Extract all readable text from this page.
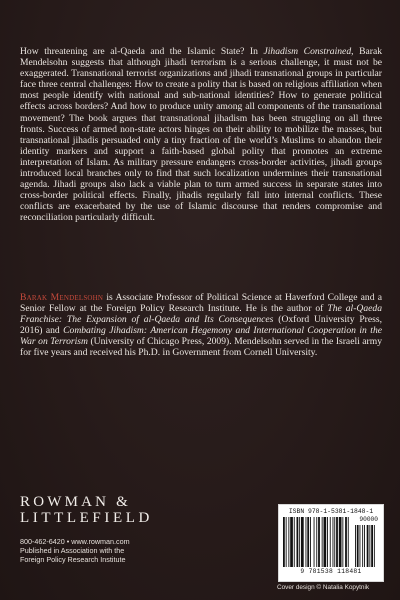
How threatening are al-Qaeda and the Islamic State? In Jihadism Constrained, Barak Mendelsohn suggests that although jihadi terrorism is a serious challenge, it must not be exaggerated. Transnational terrorist organizations and jihadi transnational groups in particular face three central challenges: How to create a polity that is based on religious affiliation when most people identify with national and sub-national identities? How to generate political effects across borders? And how to produce unity among all components of the transnational movement? The book argues that transnational jihadism has been struggling on all three fronts. Success of armed non-state actors hinges on their ability to mobilize the masses, but transnational jihadis persuaded only a tiny fraction of the world’s Muslims to abandon their identity markers and support a faith-based global polity that promotes an extreme interpretation of Islam. As military pressure endangers cross-border activities, jihadi groups introduced local branches only to find that such localization undermines their transnational agenda. Jihadi groups also lack a viable plan to turn armed success in separate states into cross-border political effects. Finally, jihadis regularly fall into internal conflicts. These conflicts are exacerbated by the use of Islamic discourse that renders compromise and reconciliation particularly difficult.

Barak Mendelsohn is Associate Professor of Political Science at Haverford College and a Senior Fellow at the Foreign Policy Research Institute. He is the author of The al-Qaeda Franchise: The Expansion of al-Qaeda and Its Consequences (Oxford University Press, 2016) and Combating Jihadism: American Hegemony and International Cooperation in the War on Terrorism (University of Chicago Press, 2009). Mendelsohn served in the Israeli army for five years and received his Ph.D. in Government from Cornell University.

ROWMAN &
LITTLEFIELD
800-462-6420 • www.rowman.com
Published in Association with the
Foreign Policy Research Institute
ISBN 978-1-5381-1848-1
90000
9 781538 118481
Cover design © Natalia Kopytnik
